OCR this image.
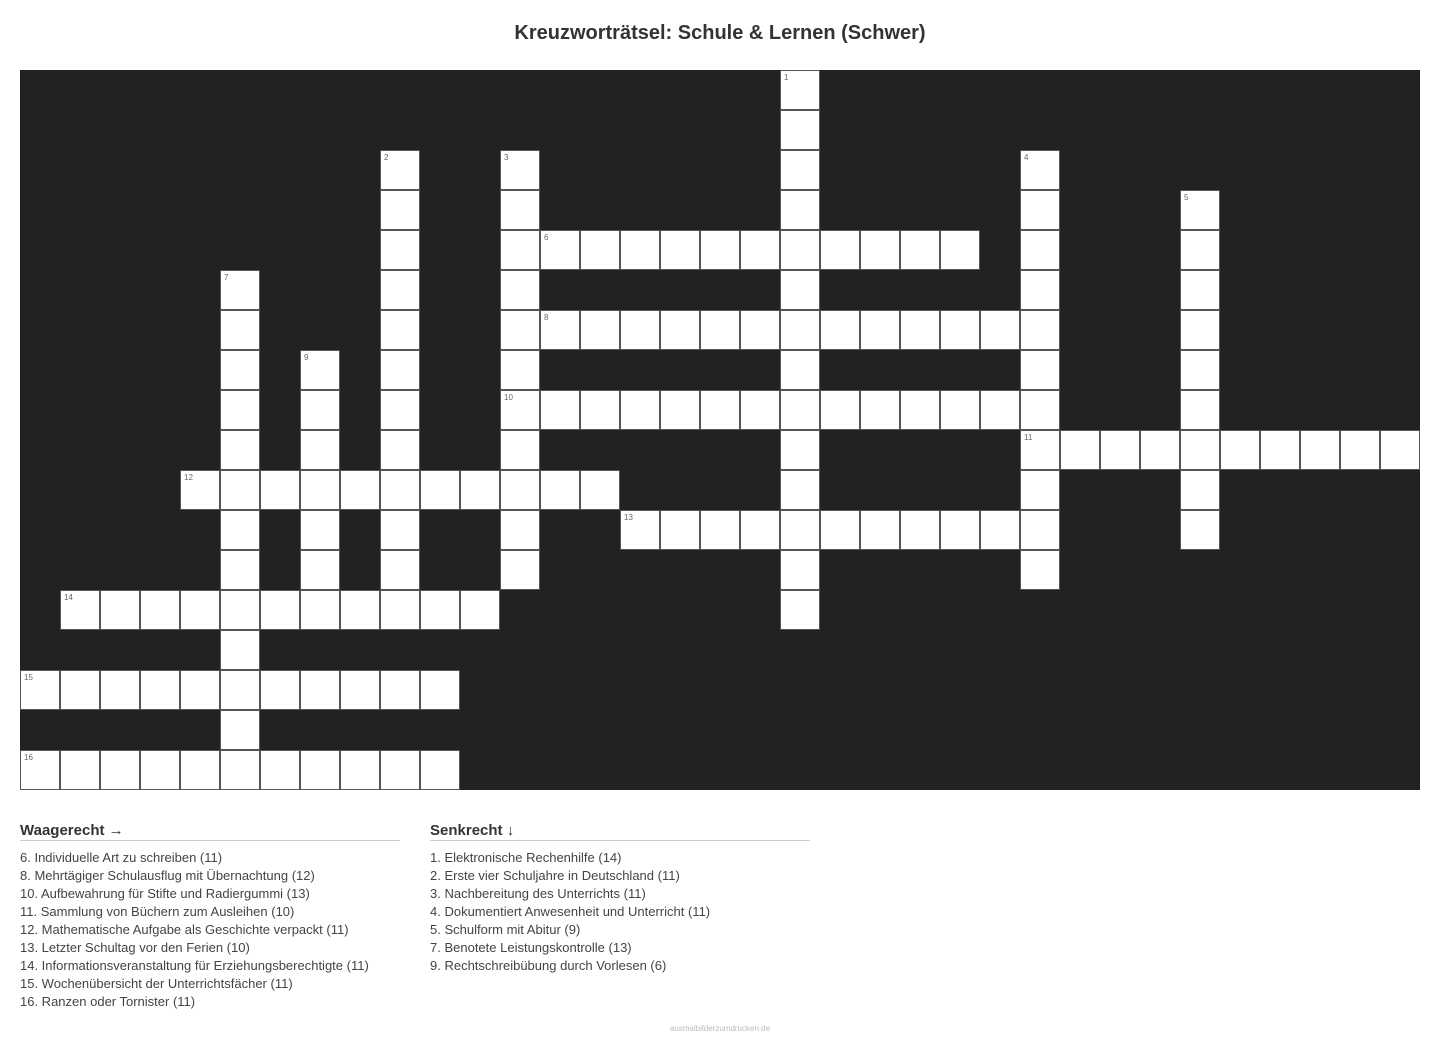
Kreuzworträtsel: Schule & Lernen (Schwer)
1
2	3
10
4
11
5
6
7
8
9
12
13
14
15
16
Waagerecht →
6. Individuelle Art zu schreiben (11)
8. Mehrtägiger Schulausflug mit Übernachtung (12)
10. Aufbewahrung für Stifte und Radiergummi (13)
11. Sammlung von Büchern zum Ausleihen (10)
12. Mathematische Aufgabe als Geschichte verpackt (11)
13. Letzter Schultag vor den Ferien (10)
14. Informationsveranstaltung für Erziehungsberechtigte (11)
15. Wochenübersicht der Unterrichtsfächer (11)
16. Ranzen oder Tornister (11)
Senkrecht ↓
1. Elektronische Rechenhilfe (14)
2. Erste vier Schuljahre in Deutschland (11)
3. Nachbereitung des Unterrichts (11)
4. Dokumentiert Anwesenheit und Unterricht (11)
5. Schulform mit Abitur (9)
7. Benotete Leistungskontrolle (13)
9. Rechtschreibübung durch Vorlesen (6)
ausmalbilderzumdrucken.de
